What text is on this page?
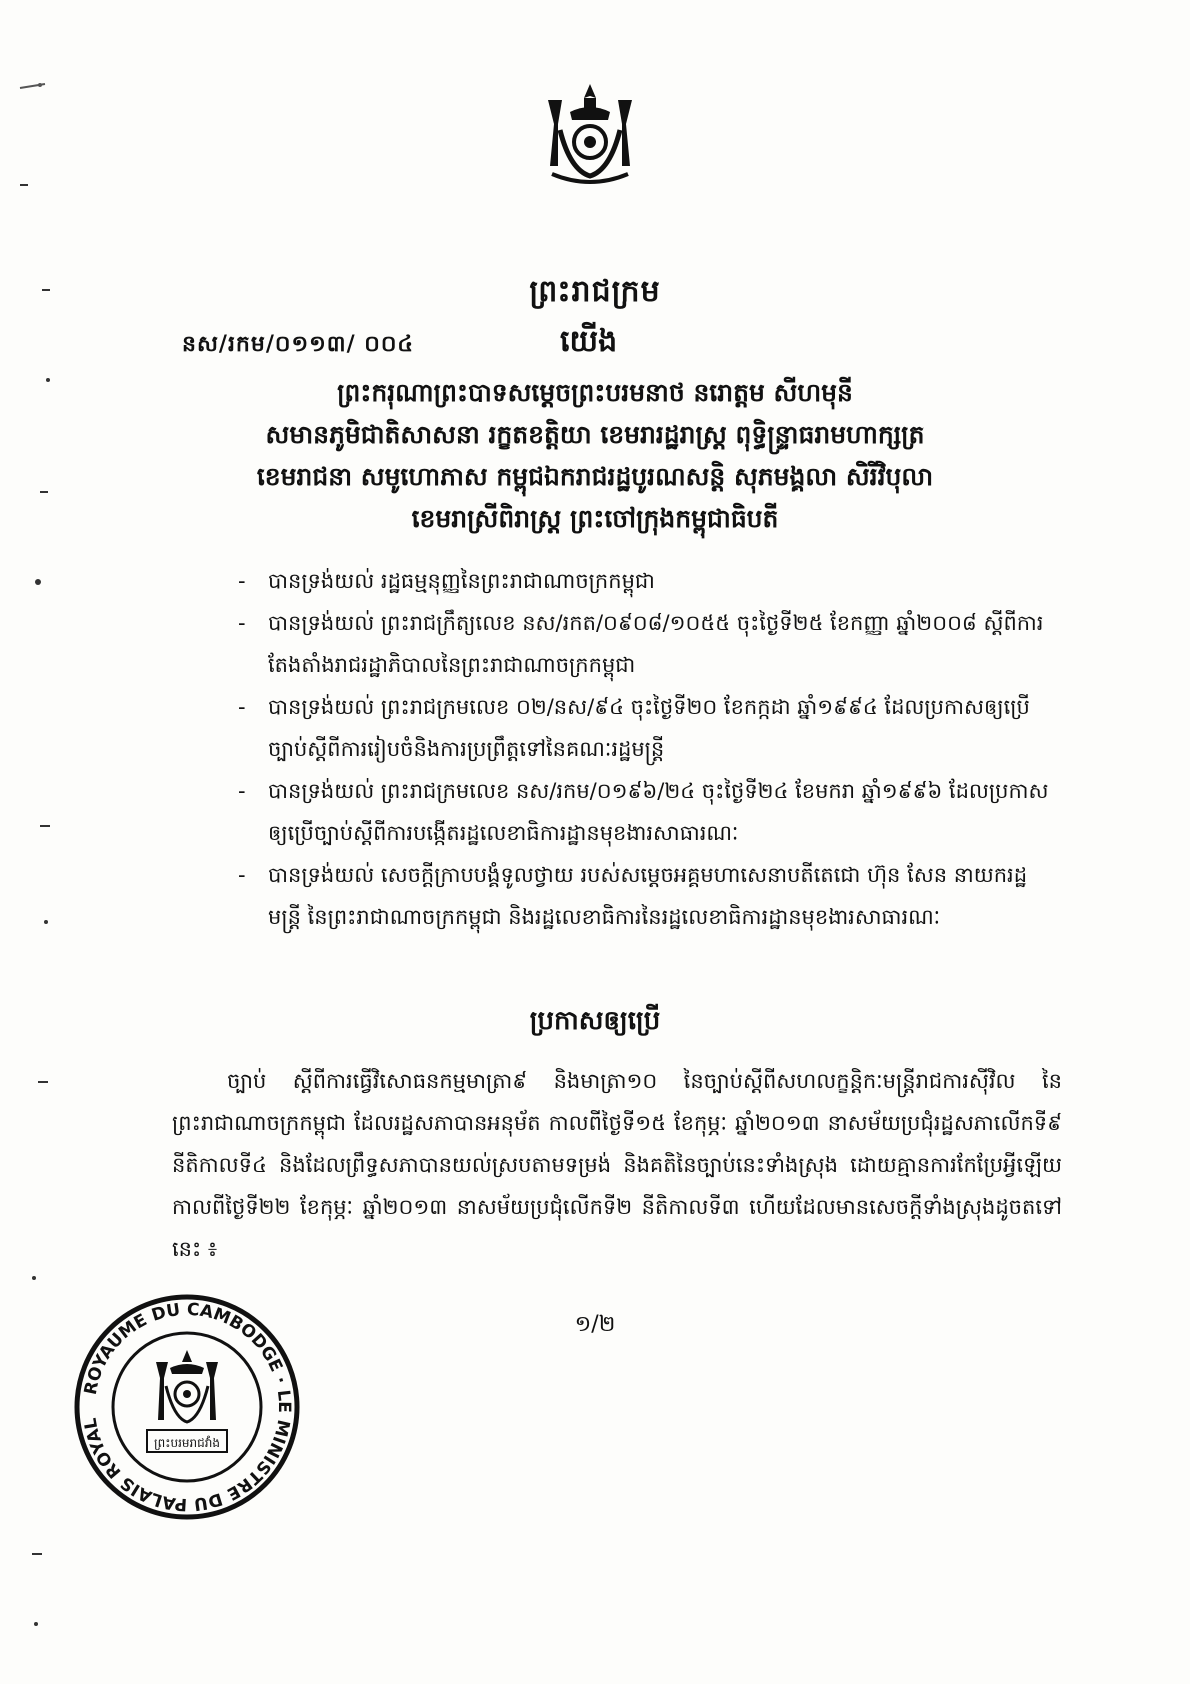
ព្រះរាជក្រម
នស/រកម/០១១៣/ ០០៤	យើង
ព្រះករុណាព្រះបាទសម្ដេចព្រះបរមនាថ នរោត្តម សីហមុនី
សមានភូមិជាតិសាសនា រក្ខតខត្តិយា ខេមរារដ្ឋរាស្ត្រ ពុទ្ធិន្ទ្រាធរាមហាក្សត្រ
ខេមរាជនា សមូហោភាស កម្ពុជឯករាជរដ្ឋបូរណសន្តិ សុភមង្គលា សិរីវិបុលា
ខេមរាស្រីពិរាស្ត្រ ព្រះចៅក្រុងកម្ពុជាធិបតី

- បានទ្រង់យល់ រដ្ឋធម្មនុញ្ញនៃព្រះរាជាណាចក្រកម្ពុជា

- បានទ្រង់យល់ ព្រះរាជក្រឹត្យលេខ នស/រកត/០៩០៨/១០៥៥ ចុះថ្ងៃទី២៥ ខែកញ្ញា ឆ្នាំ២០០៨ ស្តីពីការតែងតាំងរាជរដ្ឋាភិបាលនៃព្រះរាជាណាចក្រកម្ពុជា

- បានទ្រង់យល់ ព្រះរាជក្រមលេខ ០២/នស/៩៤ ចុះថ្ងៃទី២០ ខែកក្កដា ឆ្នាំ១៩៩៤ ដែលប្រកាសឲ្យប្រើច្បាប់ស្តីពីការរៀបចំនិងការប្រព្រឹត្តទៅនៃគណៈរដ្ឋមន្ត្រី

- បានទ្រង់យល់ ព្រះរាជក្រមលេខ នស/រកម/០១៩៦/២៤ ចុះថ្ងៃទី២៤ ខែមករា ឆ្នាំ១៩៩៦ ដែលប្រកាសឲ្យប្រើច្បាប់ស្តីពីការបង្កើតរដ្ឋលេខាធិការដ្ឋានមុខងារសាធារណៈ

- បានទ្រង់យល់ សេចក្តីក្រាបបង្គំទូលថ្វាយ របស់សម្តេចអគ្គមហាសេនាបតីតេជោ ហ៊ុន សែន នាយករដ្ឋមន្ត្រី នៃព្រះរាជាណាចក្រកម្ពុជា និងរដ្ឋលេខាធិការនៃរដ្ឋលេខាធិការដ្ឋានមុខងារសាធារណៈ

ប្រកាសឲ្យប្រើ
ច្បាប់ ស្តីពីការធ្វើវិសោធនកម្មមាត្រា៩ និងមាត្រា១០ នៃច្បាប់ស្តីពីសហលក្ខន្តិកៈមន្ត្រីរាជការស៊ីវិល នៃព្រះរាជាណាចក្រកម្ពុជា ដែលរដ្ឋសភាបានអនុម័ត កាលពីថ្ងៃទី១៥ ខែកុម្ភៈ ឆ្នាំ២០១៣ នាសម័យប្រជុំរដ្ឋសភាលើកទី៩ នីតិកាលទី៤ និងដែលព្រឹទ្ធសភាបានយល់ស្របតាមទម្រង់ និងគតិនៃច្បាប់នេះទាំងស្រុង ដោយគ្មានការកែប្រែអ្វីឡើយ កាលពីថ្ងៃទី២២ ខែកុម្ភៈ ឆ្នាំ២០១៣ នាសម័យប្រជុំលើកទី២ នីតិកាលទី៣ ហើយដែលមានសេចក្តីទាំងស្រុងដូចតទៅនេះ ៖
១/២
ROYAUME DU CAMBODGE · LE MINISTRE DU PALAIS ROYAL
ព្រះបរមរាជវាំង
